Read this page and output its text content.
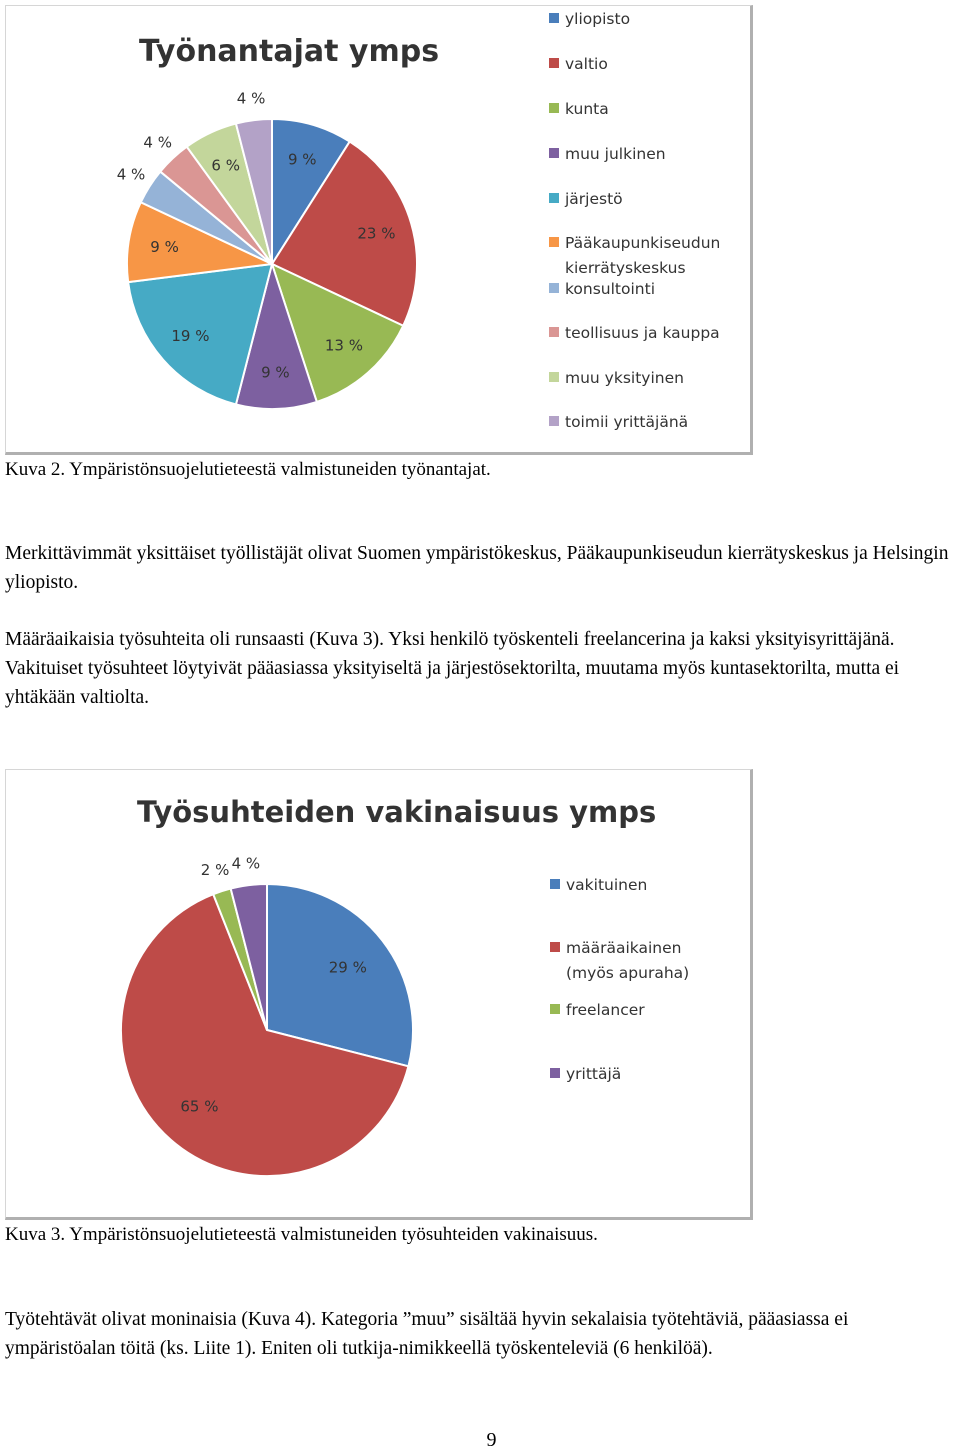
Työnantajat ymps
9 %
23 %
13 %
9 %
19 %
9 %
4 %
4 %
6 %
4 %
yliopisto
valtio
kunta
muu julkinen
järjestö
Pääkaupunkiseudun
kierrätyskeskus
konsultointi
teollisuus ja kauppa
muu yksityinen
toimii yrittäjänä

Kuva 2. Ympäristönsuojelutieteestä valmistuneiden työnantajat.

Merkittävimmät yksittäiset työllistäjät olivat Suomen ympäristökeskus, Pääkaupunkiseudun kierrätyskeskus ja Helsingin yliopisto.

Määräaikaisia työsuhteita oli runsaasti (Kuva 3). Yksi henkilö työskenteli freelancerina ja kaksi yksityisyrittäjänä. Vakituiset työsuhteet löytyivät pääasiassa yksityiseltä ja järjestösektorilta, muutama myös kuntasektorilta, mutta ei yhtäkään valtiolta.

Työsuhteiden vakinaisuus ymps
29 %
65 %
2 % 4 %
vakituinen
määräaikainen
(myös apuraha)
freelancer
yrittäjä

Kuva 3. Ympäristönsuojelutieteestä valmistuneiden työsuhteiden vakinaisuus.

Työtehtävät olivat moninaisia (Kuva 4). Kategoria ”muu” sisältää hyvin sekalaisia työtehtäviä, pääasiassa ei ympäristöalan töitä (ks. Liite 1). Eniten oli tutkija-nimikkeellä työskenteleviä (6 henkilöä).

9
